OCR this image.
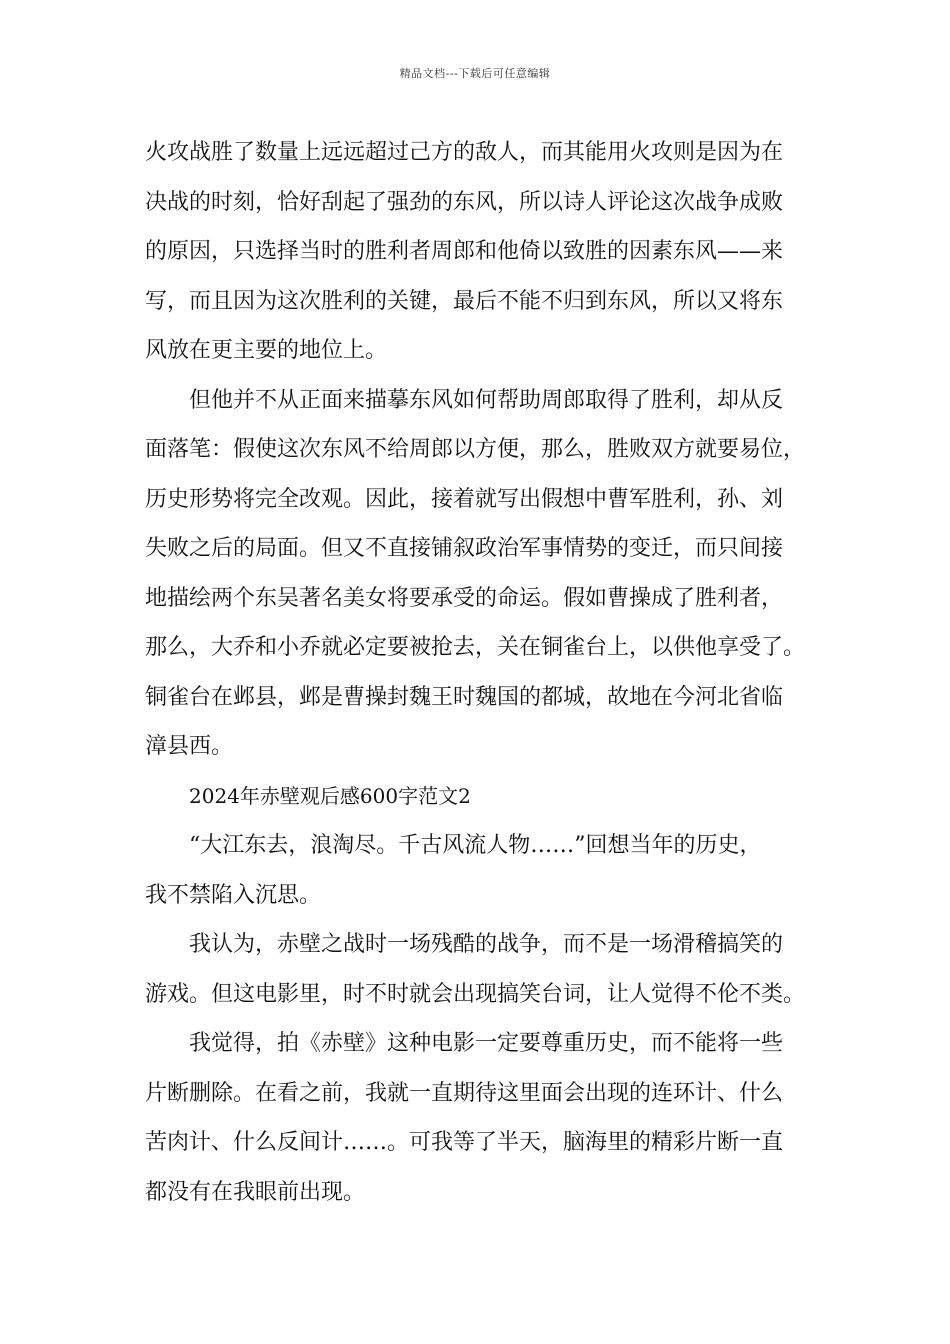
精品文档---下载后可任意编辑
火攻战胜了数量上远远超过己方的敌人，而其能用火攻则是因为在
决战的时刻，恰好刮起了强劲的东风，所以诗人评论这次战争成败
的原因，只选择当时的胜利者周郎和他倚以致胜的因素东风——来
写，而且因为这次胜利的关键，最后不能不归到东风，所以又将东
风放在更主要的地位上。
但他并不从正面来描摹东风如何帮助周郎取得了胜利，却从反
面落笔：假使这次东风不给周郎以方便，那么，胜败双方就要易位，
历史形势将完全改观。因此，接着就写出假想中曹军胜利，孙、刘
失败之后的局面。但又不直接铺叙政治军事情势的变迁，而只间接
地描绘两个东吴著名美女将要承受的命运。假如曹操成了胜利者，
那么，大乔和小乔就必定要被抢去，关在铜雀台上，以供他享受了。
铜雀台在邺县，邺是曹操封魏王时魏国的都城，故地在今河北省临
漳县西。
2024年赤壁观后感600字范文2
“大江东去，浪淘尽。千古风流人物……”回想当年的历史，
我不禁陷入沉思。
我认为，赤壁之战时一场残酷的战争，而不是一场滑稽搞笑的
游戏。但这电影里，时不时就会出现搞笑台词，让人觉得不伦不类。
我觉得，拍《赤壁》这种电影一定要尊重历史，而不能将一些
片断删除。在看之前，我就一直期待这里面会出现的连环计、什么
苦肉计、什么反间计……。可我等了半天，脑海里的精彩片断一直
都没有在我眼前出现。
